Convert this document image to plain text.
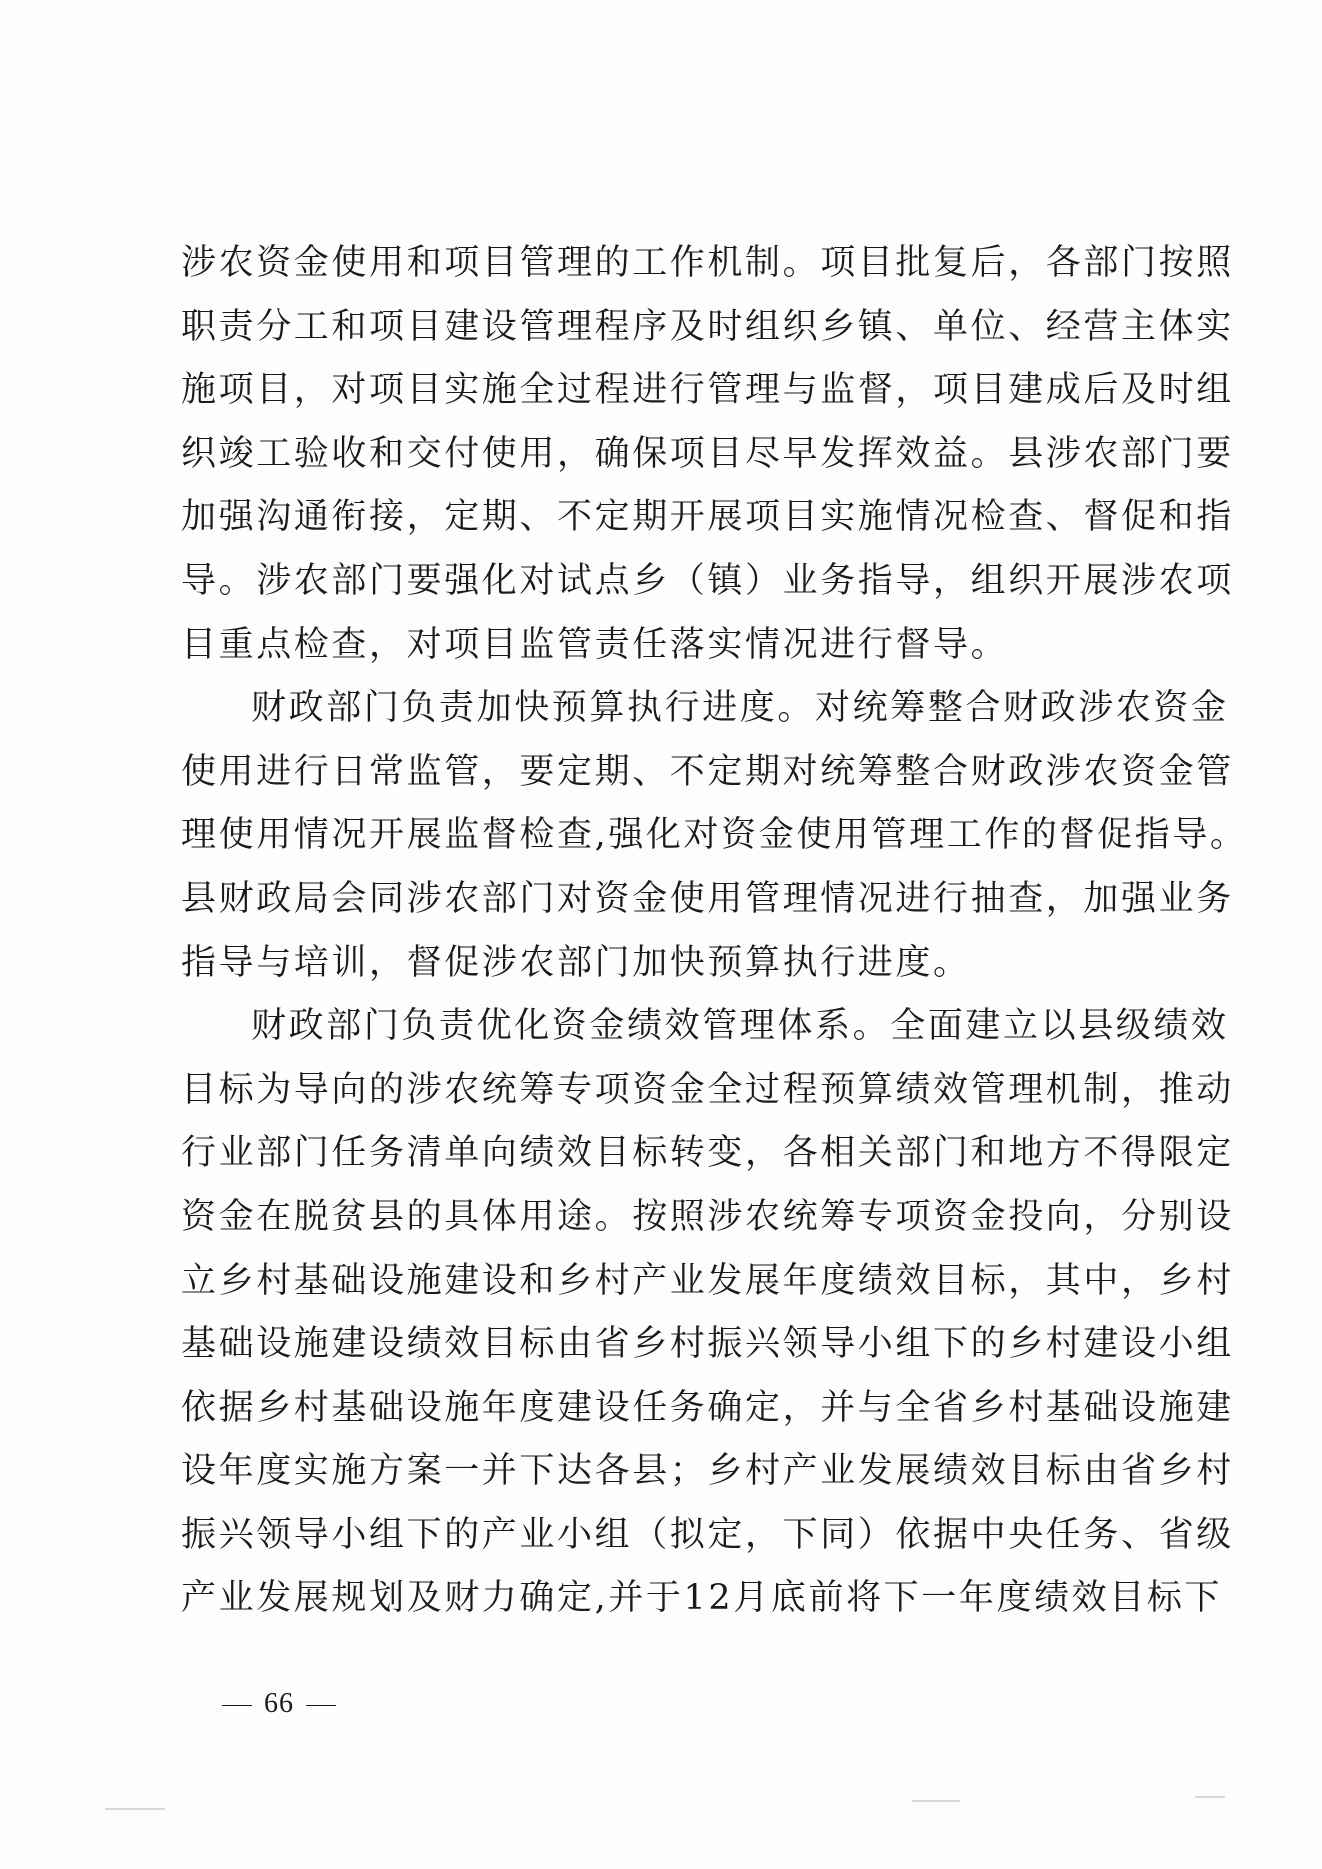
涉农资金使用和项目管理的工作机制。项目批复后，各部门按照
职责分工和项目建设管理程序及时组织乡镇、单位、经营主体实
施项目，对项目实施全过程进行管理与监督，项目建成后及时组
织竣工验收和交付使用，确保项目尽早发挥效益。县涉农部门要
加强沟通衔接，定期、不定期开展项目实施情况检查、督促和指
导。涉农部门要强化对试点乡（镇）业务指导，组织开展涉农项
目重点检查，对项目监管责任落实情况进行督导。
财政部门负责加快预算执行进度。对统筹整合财政涉农资金
使用进行日常监管，要定期、不定期对统筹整合财政涉农资金管
理使用情况开展监督检查,强化对资金使用管理工作的督促指导。
县财政局会同涉农部门对资金使用管理情况进行抽查，加强业务
指导与培训，督促涉农部门加快预算执行进度。
财政部门负责优化资金绩效管理体系。全面建立以县级绩效
目标为导向的涉农统筹专项资金全过程预算绩效管理机制，推动
行业部门任务清单向绩效目标转变，各相关部门和地方不得限定
资金在脱贫县的具体用途。按照涉农统筹专项资金投向，分别设
立乡村基础设施建设和乡村产业发展年度绩效目标，其中，乡村
基础设施建设绩效目标由省乡村振兴领导小组下的乡村建设小组
依据乡村基础设施年度建设任务确定，并与全省乡村基础设施建
设年度实施方案一并下达各县；乡村产业发展绩效目标由省乡村
振兴领导小组下的产业小组（拟定，下同）依据中央任务、省级
产业发展规划及财力确定,并于12月底前将下一年度绩效目标下
66
